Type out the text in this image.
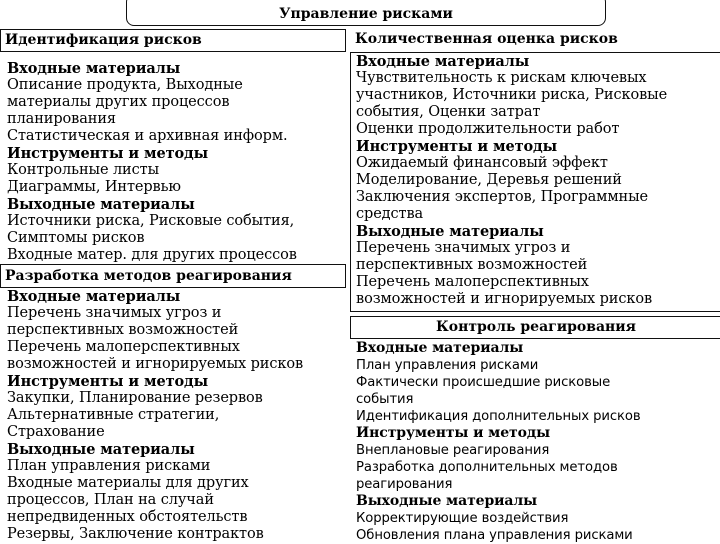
Управление рисками
Идентификация рисков
Входные материалы
Описание продукта, Выходные
материалы других процессов
планирования
Статистическая и архивная информ.
Инструменты и методы
Контрольные листы
Диаграммы, Интервью
Выходные материалы
Источники риска, Рисковые события,
Симптомы рисков
Входные матер. для других процессов
Разработка методов реагирования
Входные материалы
Перечень значимых угроз и
перспективных возможностей
Перечень малоперспективных
возможностей и игнорируемых рисков
Инструменты и методы
Закупки, Планирование резервов
Альтернативные стратегии,
Страхование
Выходные материалы
План управления рисками
Входные материалы для других
процессов, План на случай
непредвиденных обстоятельств
Резервы, Заключение контрактов
Количественная оценка рисков
Входные материалы
Чувствительность к рискам ключевых
участников, Источники риска, Рисковые
события, Оценки затрат
Оценки продолжительности работ
Инструменты и методы
Ожидаемый финансовый эффект
Моделирование, Деревья решений
Заключения экспертов, Программные
средства
Выходные материалы
Перечень значимых угроз и
перспективных возможностей
Перечень малоперспективных
возможностей и игнорируемых рисков
Контроль реагирования
Входные материалы
План управления рисками
Фактически происшедшие рисковые
события
Идентификация дополнительных рисков
Инструменты и методы
Внеплановые реагирования
Разработка дополнительных методов
реагирования
Выходные материалы
Корректирующие воздействия
Обновления плана управления рисками
